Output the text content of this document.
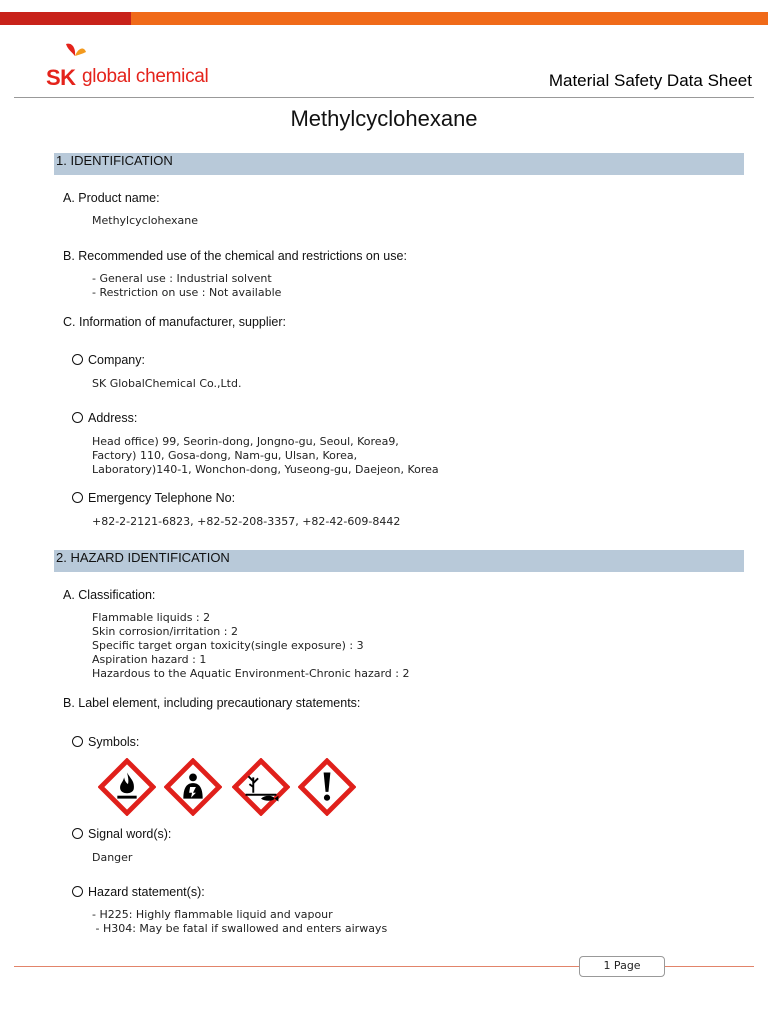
SK global chemical	Material Safety Data Sheet
Methylcyclohexane
1. IDENTIFICATION
A. Product name:
Methylcyclohexane
B. Recommended use of the chemical and restrictions on use:
- General use : Industrial solvent
- Restriction on use : Not available
C. Information of manufacturer, supplier:
Company:
SK GlobalChemical Co.,Ltd.
Address:
Head office) 99, Seorin-dong, Jongno-gu, Seoul, Korea9,
Factory) 110, Gosa-dong, Nam-gu, Ulsan, Korea,
Laboratory)140-1, Wonchon-dong, Yuseong-gu, Daejeon, Korea
Emergency Telephone No:
+82-2-2121-6823, +82-52-208-3357, +82-42-609-8442
2. HAZARD IDENTIFICATION
A. Classification:
Flammable liquids : 2
Skin corrosion/irritation : 2
Specific target organ toxicity(single exposure) : 3
Aspiration hazard : 1
Hazardous to the Aquatic Environment-Chronic hazard : 2
B. Label element, including precautionary statements:
Symbols:
Signal word(s):
Danger
Hazard statement(s):
- H225: Highly flammable liquid and vapour
- H304: May be fatal if swallowed and enters airways
1 Page
